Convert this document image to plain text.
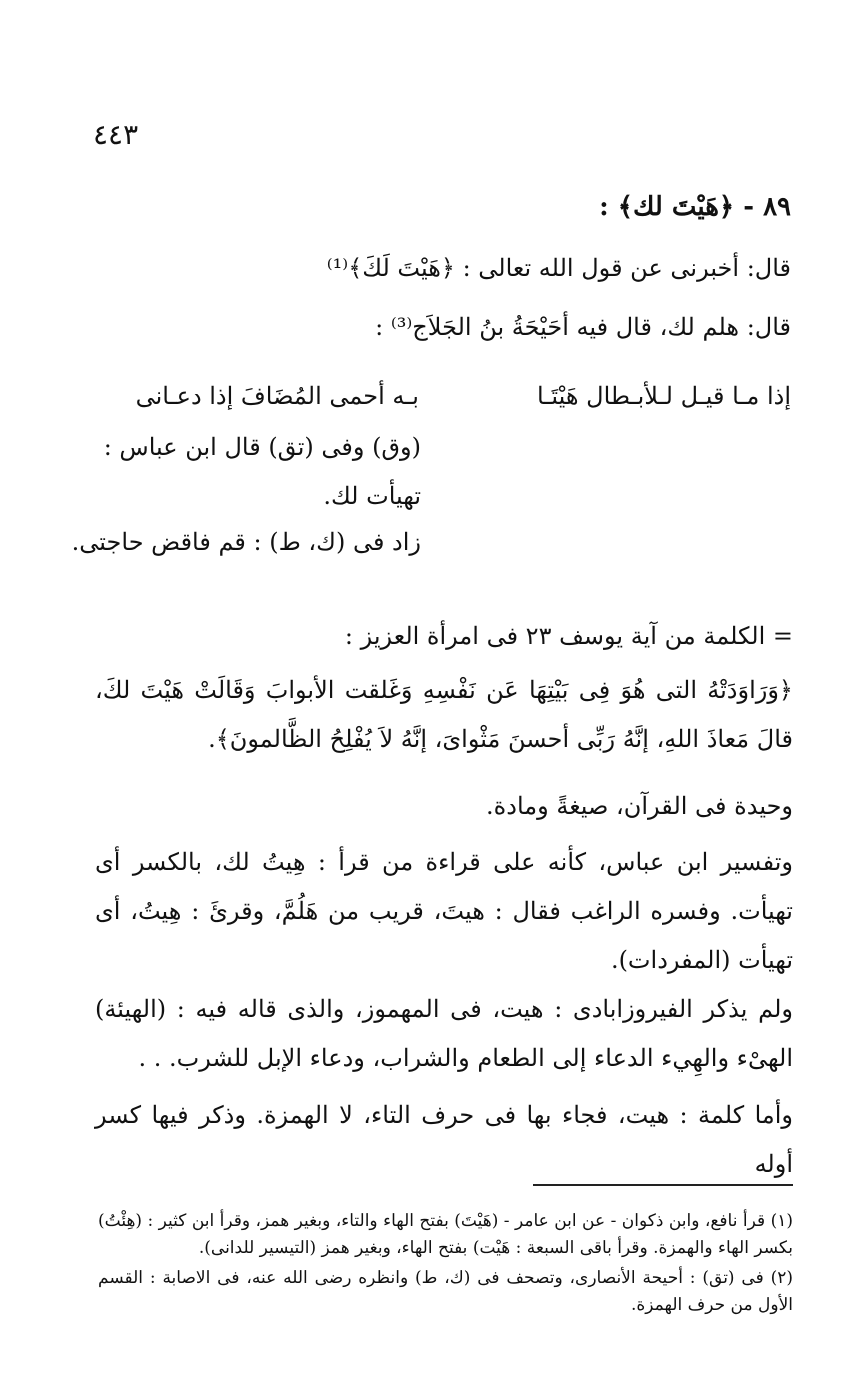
٤٤٣
٨٩ - ﴿هَيْتَ لك﴾ :
قال: أخبرنى عن قول الله تعالى : ﴿هَيْتَ لَكَ﴾⁽¹⁾
قال: هلم لك، قال فيه أحَيْحَةُ بنُ الجَلاَج⁽³⁾ :
إذا مـا قيـل لـلأبـطال هَيْتَـا
بـه أحمى المُضَافَ إذا دعـانى
(وق) وفى (تق) قال ابن عباس :
تهيأت لك.
زاد فى (ك، ط) : قم فاقض حاجتى.
= الكلمة من آية يوسف ٢٣ فى امرأة العزيز :
﴿وَرَاوَدَتْهُ التى هُوَ فِى بَيْتِهَا عَن نَفْسِهِ وَغَلقت الأبوابَ وَقَالَتْ هَيْتَ لكَ، قالَ مَعاذَ اللهِ، إنَّهُ رَبِّى أحسنَ مَثْواىَ، إنَّهُ لاَ يُفْلِحُ الظَّالمونَ﴾.
وحيدة فى القرآن، صيغةً ومادة.
وتفسير ابن عباس، كأنه على قراءة من قرأ : هِيتُ لك، بالكسر أى تهيأت. وفسره الراغب فقال : هيتَ، قريب من هَلُمَّ، وقرئَ : هِيتُ، أى تهيأت (المفردات).
ولم يذكر الفيروزابادى : هيت، فى المهموز، والذى قاله فيه : (الهيئة) الهىْء والهِيء الدعاء إلى الطعام والشراب، ودعاء الإبل للشرب. . .
وأما كلمة : هيت، فجاء بها فى حرف التاء، لا الهمزة. وذكر فيها كسر أوله
(١) قرأ نافع، وابن ذكوان - عن ابن عامر - (هَيْتَ) بفتح الهاء والتاء، وبغير همز، وقرأ ابن كثير : (هِئْتُ) بكسر الهاء والهمزة. وقرأ باقى السبعة : هَيْت) بفتح الهاء، وبغير همز (التيسير للدانى).
(٢) فى (تق) : أحيحة الأنصارى، وتصحف فى (ك، ط) وانظره رضى الله عنه، فى الاصابة : القسم الأول من حرف الهمزة.
